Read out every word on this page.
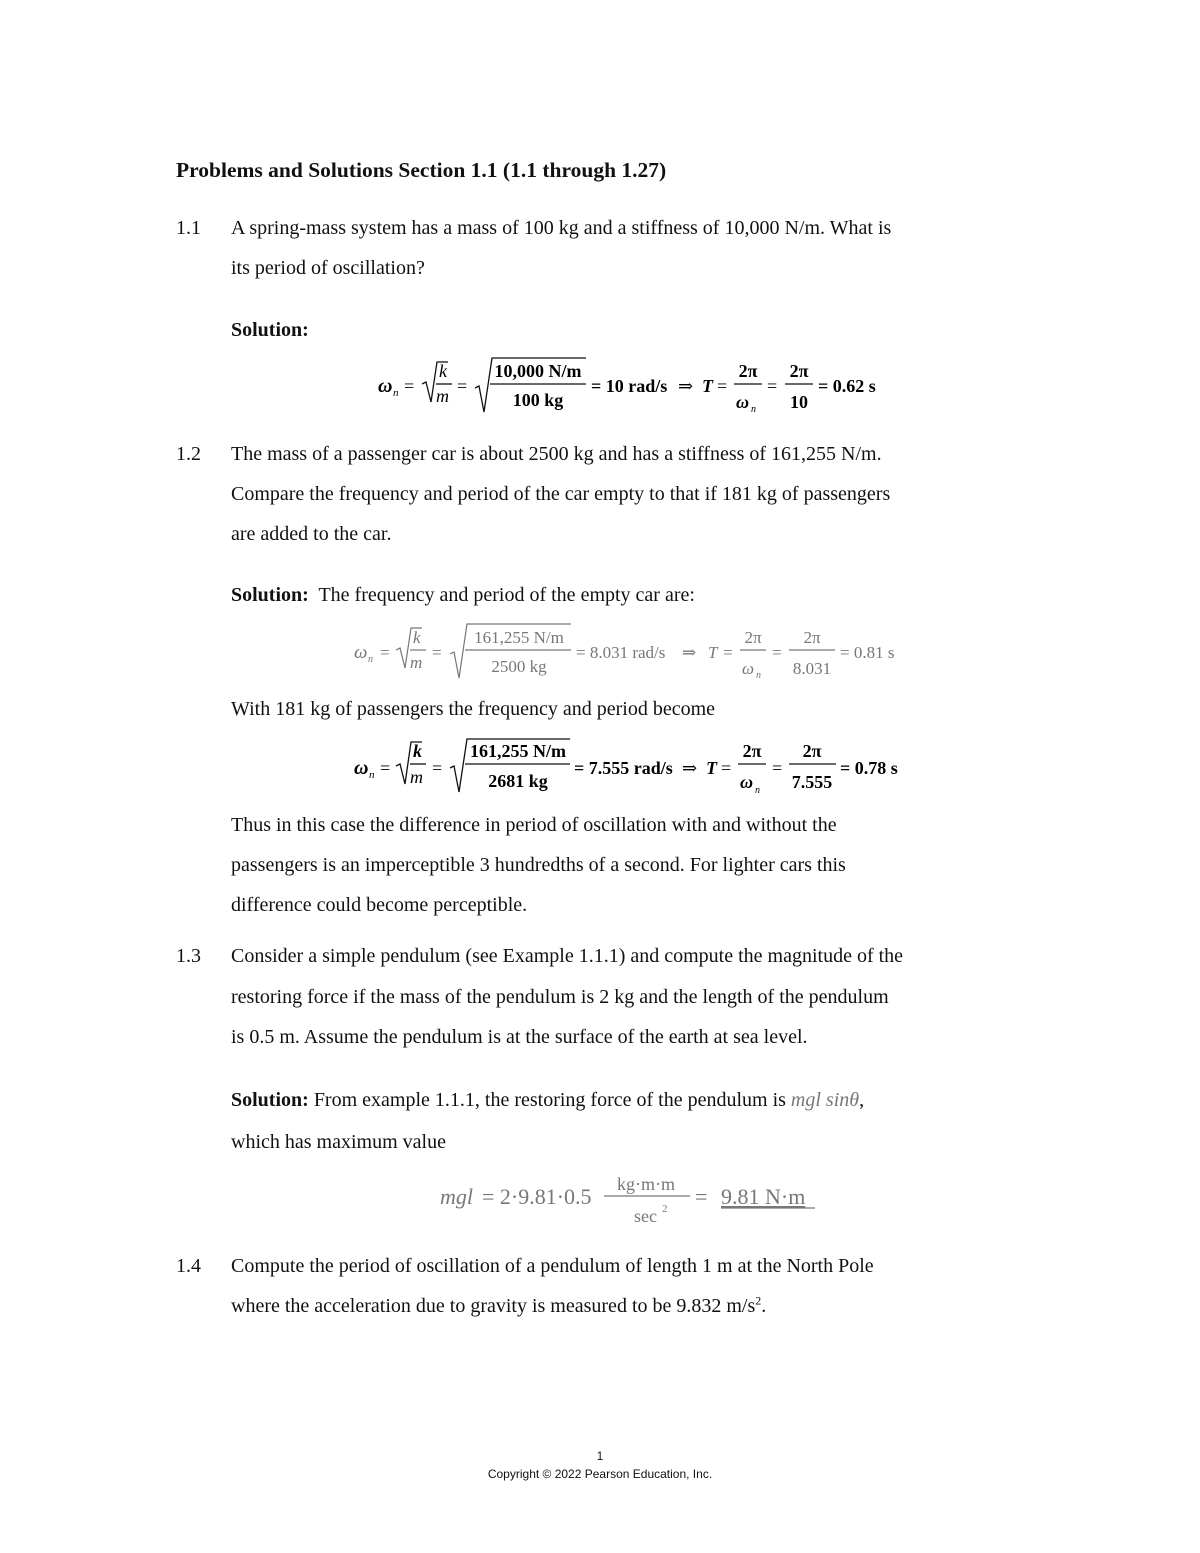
Problems and Solutions Section 1.1 (1.1 through 1.27)
1.1 A spring-mass system has a mass of 100 kg and a stiffness of 10,000 N/m. What is
its period of oscillation?
Solution:
ω n =
k
m =
10,000 N/m
100 kg
= 10 rad/s ⇒ T =
2π
ω n
=
2π
10
= 0.62 s
1.2 The mass of a passenger car is about 2500 kg and has a stiffness of 161,255 N/m.
Compare the frequency and period of the car empty to that if 181 kg of passengers
are added to the car.
Solution: The frequency and period of the empty car are:
ω n =
k
m
=
161,255 N/m
2500 kg
= 8.031 rad/s ⇒ T =
2π
ω n
=
2π
8.031
= 0.81 s
With 181 kg of passengers the frequency and period become
ω n =
k
m =
161,255 N/m
2681 kg
= 7.555 rad/s ⇒ T =
2π
ω n
=
2π
7.555
= 0.78 s
Thus in this case the difference in period of oscillation with and without the
passengers is an imperceptible 3 hundredths of a second. For lighter cars this
difference could become perceptible.
1.3 Consider a simple pendulum (see Example 1.1.1) and compute the magnitude of the
restoring force if the mass of the pendulum is 2 kg and the length of the pendulum
is 0.5 m. Assume the pendulum is at the surface of the earth at sea level.
Solution: From example 1.1.1, the restoring force of the pendulum is mgl sinθ,
which has maximum value
mgl = 2·9.81·0.5 kg·m·m
sec 2 = 9.81 N·m
1.4 Compute the period of oscillation of a pendulum of length 1 m at the North Pole
where the acceleration due to gravity is measured to be 9.832 $m/s^2$.
1
Copyright © 2022 Pearson Education, Inc.
